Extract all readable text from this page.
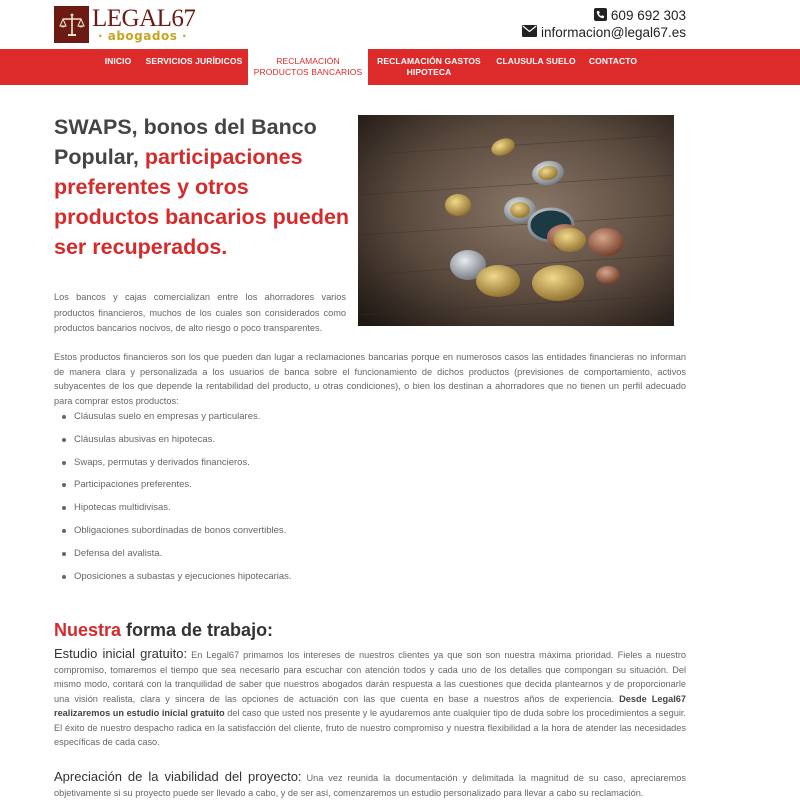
LEGAL67
· abogados ·
609 692 303
informacion@legal67.es
INICIO	SERVICIOS JURÍDICOS	RECLAMACIÓN
PRODUCTOS BANCARIOS
RECLAMACIÓN GASTOS
HIPOTECA
CLAUSULA SUELO	CONTACTO
SWAPS, bonos del Banco Popular, participaciones preferentes y otros productos bancarios pueden ser recuperados.

Los bancos y cajas comercializan entre los ahorradores varios productos financieros, muchos de los cuales son considerados como productos bancarios nocivos, de alto riesgo o poco transparentes.

Estos productos financieros son los que pueden dan lugar a reclamaciones bancarias porque en numerosos casos las entidades financieras no informan de manera clara y personalizada a los usuarios de banca sobre el funcionamiento de dichos productos (previsiones de comportamiento, activos subyacentes de los que depende la rentabilidad del producto, u otras condiciones), o bien los destinan a ahorradores que no tienen un perfil adecuado para comprar estos productos:

Cláusulas suelo en empresas y particulares.
Cláusulas abusivas en hipotecas.
Swaps, permutas y derivados financieros.
Participaciones preferentes.
Hipotecas multidivisas.
Obligaciones subordinadas de bonos convertibles.
Defensa del avalista.
Oposiciones a subastas y ejecuciones hipotecarias.
Nuestra forma de trabajo:

Estudio inicial gratuito: En Legal67 primamos los intereses de nuestros clientes ya que son son nuestra máxima prioridad. Fieles a nuestro compromiso, tomaremos el tiempo que sea necesario para escuchar con atención todos y cada uno de los detalles que compongan su situación. Del mismo modo, contará con la tranquilidad de saber que nuestros abogados darán respuesta a las cuestiones que decida plantearnos y de proporcionarle una visión realista, clara y sincera de las opciones de actuación con las que cuenta en base a nuestros años de experiencia. Desde Legal67 realizaremos un estudio inicial gratuito del caso que usted nos presente y le ayudaremos ante cualquier tipo de duda sobre los procedimientos a seguir. El éxito de nuestro despacho radica en la satisfacción del cliente, fruto de nuestro compromiso y nuestra flexibilidad a la hora de atender las necesidades específicas de cada caso.

Apreciación de la viabilidad del proyecto: Una vez reunida la documentación y delimitada la magnitud de su caso, apreciaremos objetivamente si su proyecto puede ser llevado a cabo, y de ser así, comenzaremos un estudio personalizado para llevar a cabo su reclamación.
